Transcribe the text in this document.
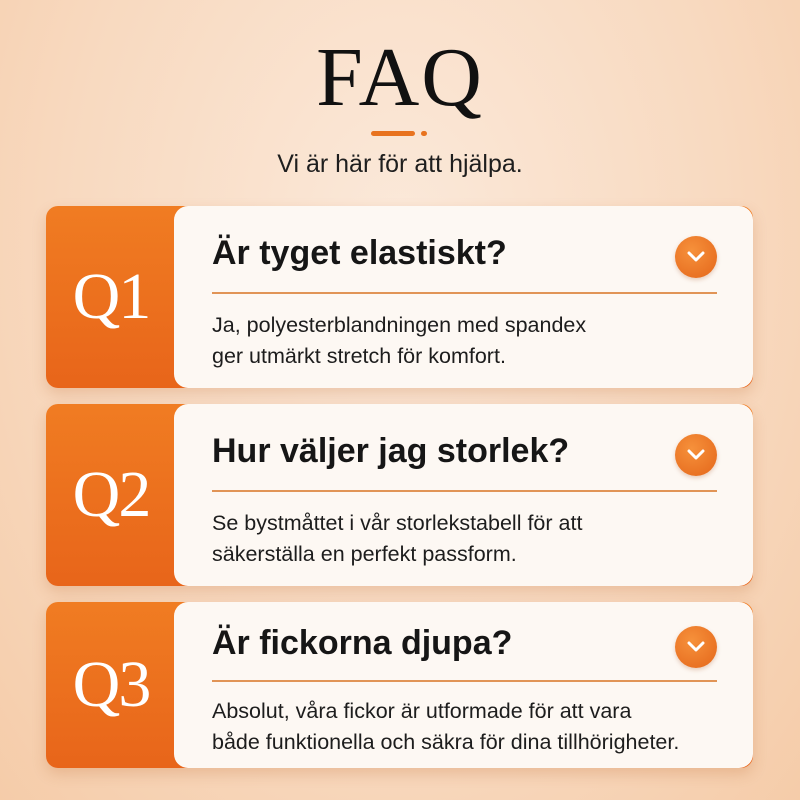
FAQ
Vi är här för att hjälpa.
Q1
Är tyget elastiskt?
Ja, polyesterblandningen med spandex
ger utmärkt stretch för komfort.
Q2
Hur väljer jag storlek?
Se bystmåttet i vår storlekstabell för att
säkerställa en perfekt passform.
Q3
Är fickorna djupa?
Absolut, våra fickor är utformade för att vara
både funktionella och säkra för dina tillhörigheter.
